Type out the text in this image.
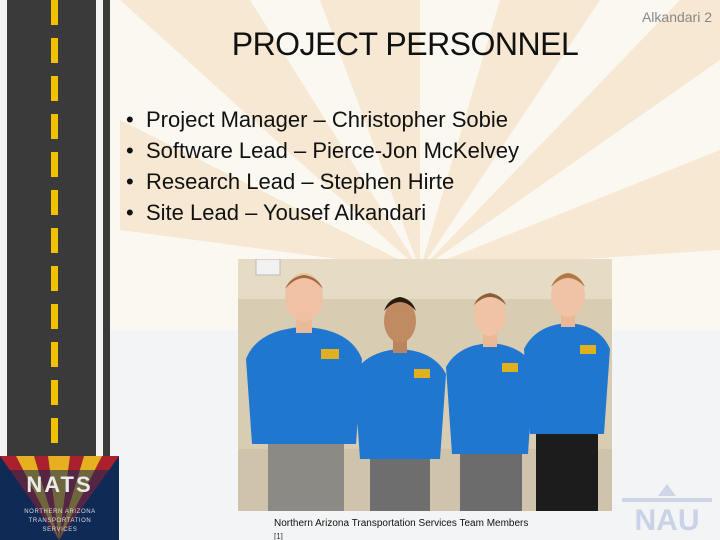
Alkandari 2
PROJECT PERSONNEL
• Project Manager – Christopher Sobie
• Software Lead – Pierce-Jon McKelvey
• Research Lead – Stephen Hirte
• Site Lead – Yousef Alkandari
Northern Arizona Transportation Services Team Members
[1]
NATS
NORTHERN ARIZONA
TRANSPORTATION SERVICES	NAU
